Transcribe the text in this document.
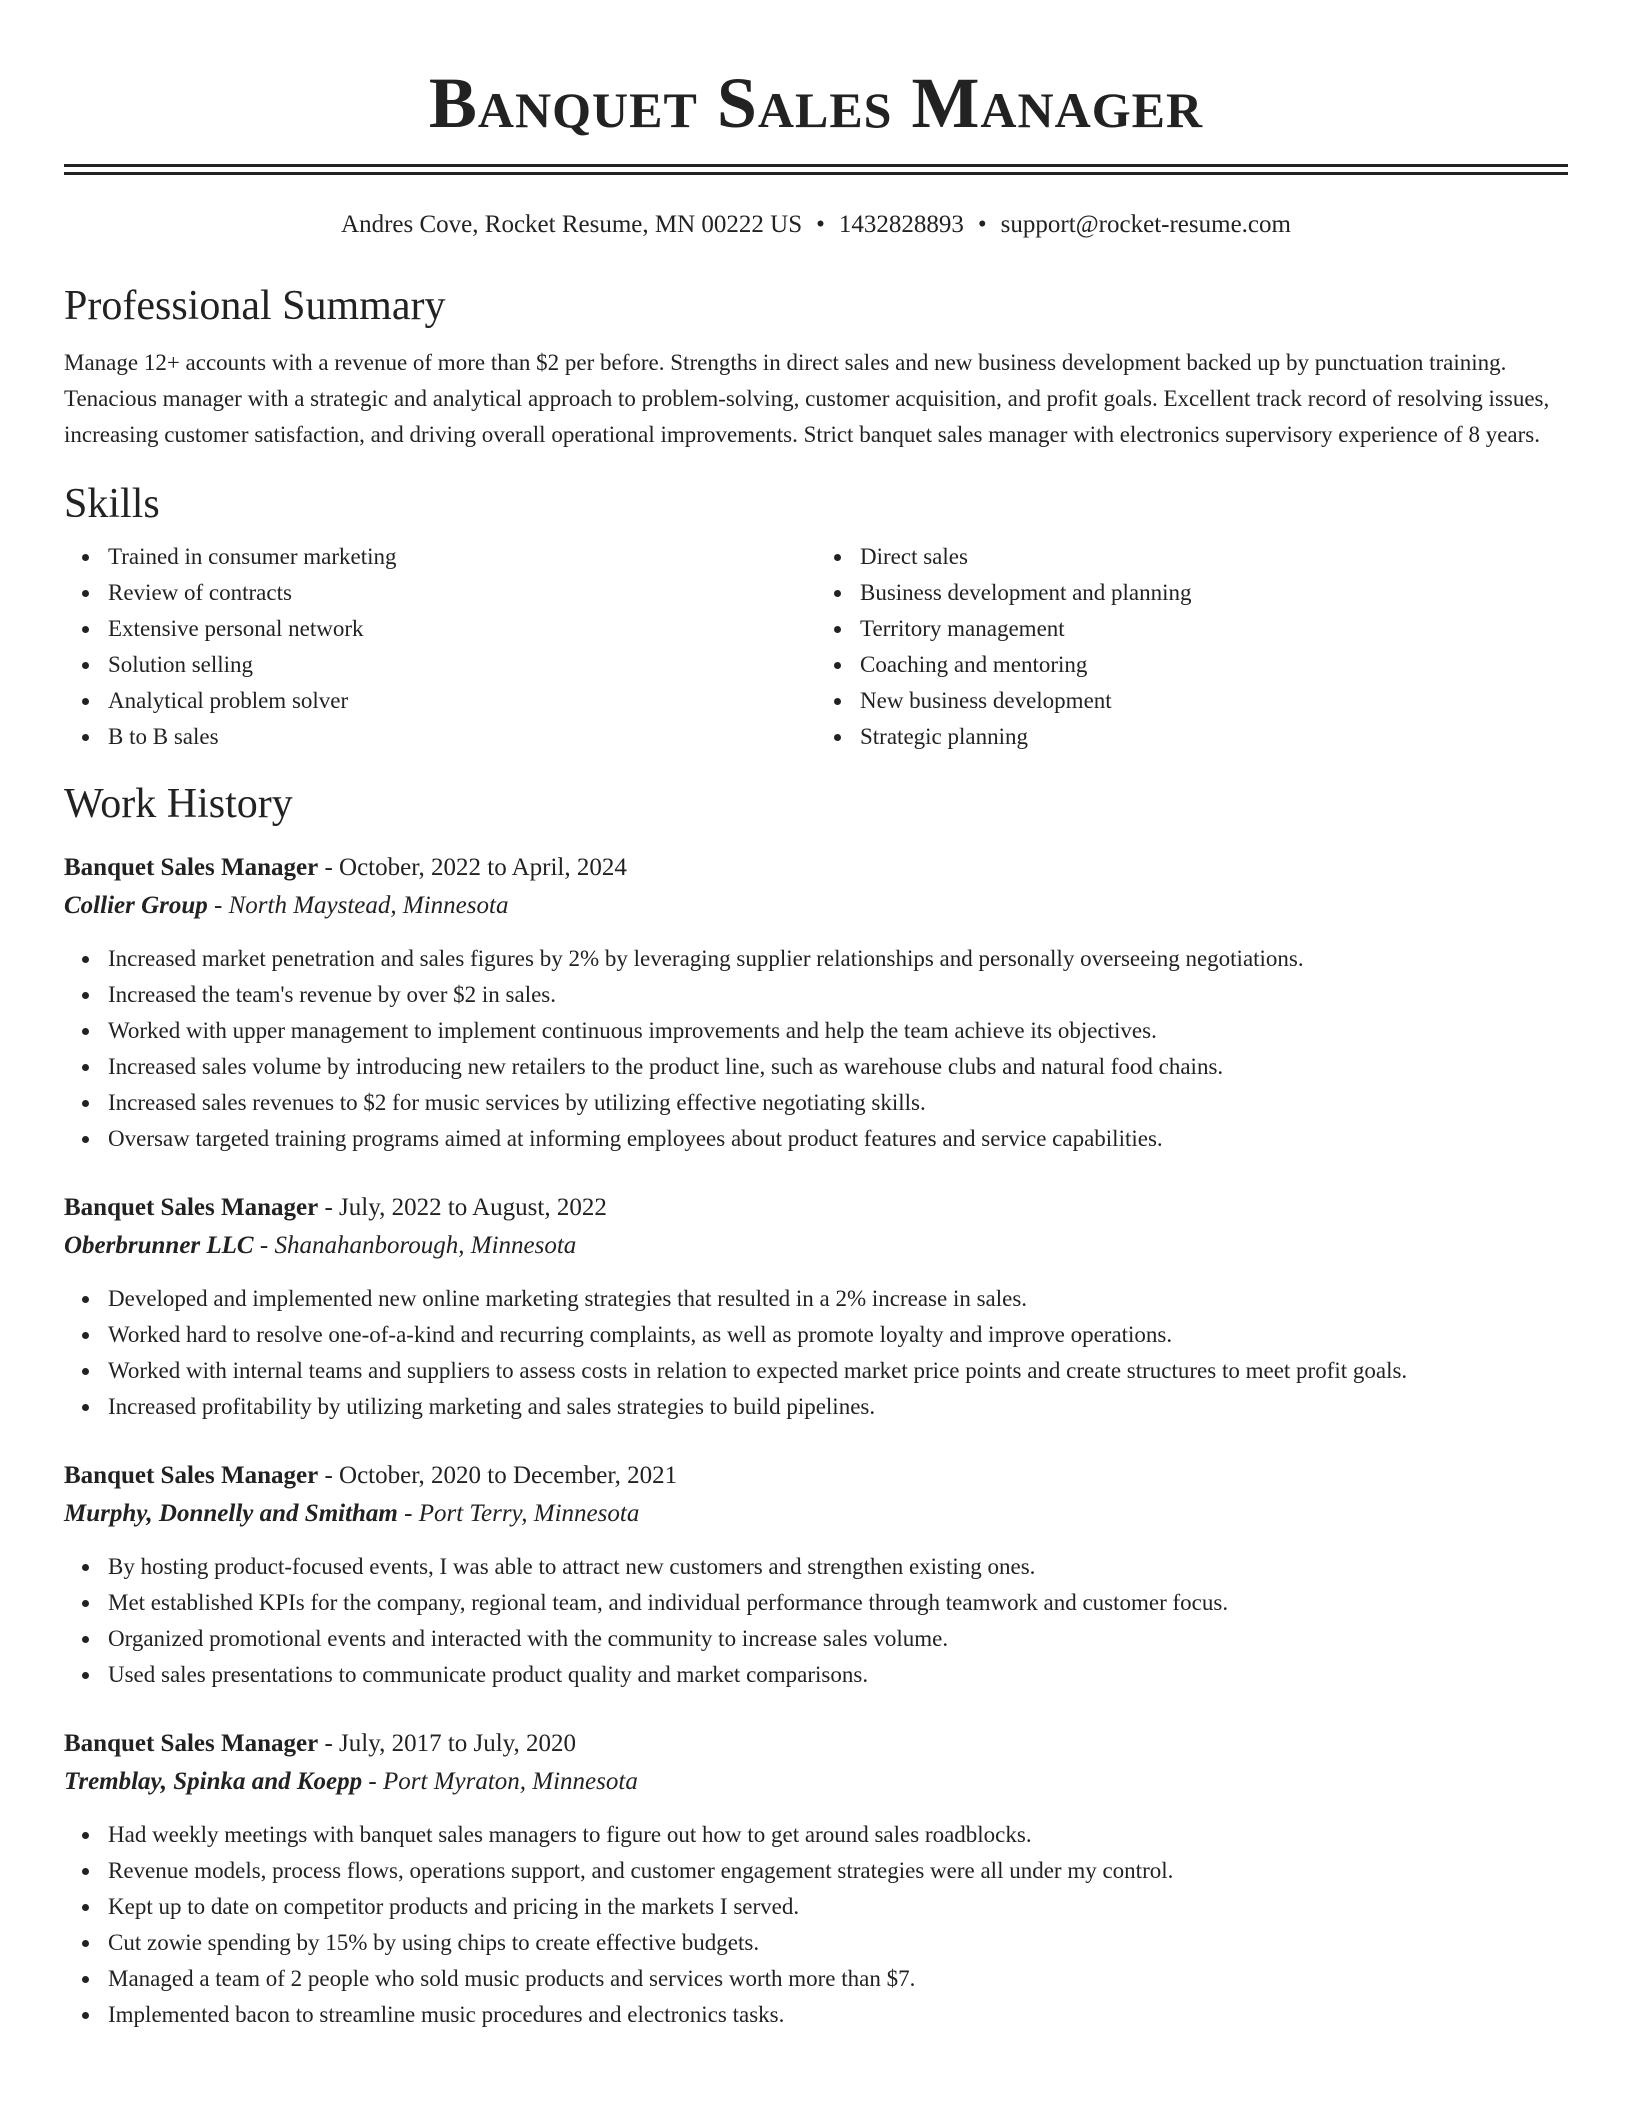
Banquet Sales Manager
Andres Cove, Rocket Resume, MN 00222 US • 1432828893 • support@rocket-resume.com
Professional Summary
Manage 12+ accounts with a revenue of more than $2 per before. Strengths in direct sales and new business development backed up by punctuation training. Tenacious manager with a strategic and analytical approach to problem-solving, customer acquisition, and profit goals. Excellent track record of resolving issues, increasing customer satisfaction, and driving overall operational improvements. Strict banquet sales manager with electronics supervisory experience of 8 years.
Skills
Trained in consumer marketing
Review of contracts
Extensive personal network
Solution selling
Analytical problem solver
B to B sales
Direct sales
Business development and planning
Territory management
Coaching and mentoring
New business development
Strategic planning
Work History
Banquet Sales Manager - October, 2022 to April, 2024
Collier Group - North Maystead, Minnesota
Increased market penetration and sales figures by 2% by leveraging supplier relationships and personally overseeing negotiations.
Increased the team's revenue by over $2 in sales.
Worked with upper management to implement continuous improvements and help the team achieve its objectives.
Increased sales volume by introducing new retailers to the product line, such as warehouse clubs and natural food chains.
Increased sales revenues to $2 for music services by utilizing effective negotiating skills.
Oversaw targeted training programs aimed at informing employees about product features and service capabilities.
Banquet Sales Manager - July, 2022 to August, 2022
Oberbrunner LLC - Shanahanborough, Minnesota
Developed and implemented new online marketing strategies that resulted in a 2% increase in sales.
Worked hard to resolve one-of-a-kind and recurring complaints, as well as promote loyalty and improve operations.
Worked with internal teams and suppliers to assess costs in relation to expected market price points and create structures to meet profit goals.
Increased profitability by utilizing marketing and sales strategies to build pipelines.
Banquet Sales Manager - October, 2020 to December, 2021
Murphy, Donnelly and Smitham - Port Terry, Minnesota
By hosting product-focused events, I was able to attract new customers and strengthen existing ones.
Met established KPIs for the company, regional team, and individual performance through teamwork and customer focus.
Organized promotional events and interacted with the community to increase sales volume.
Used sales presentations to communicate product quality and market comparisons.
Banquet Sales Manager - July, 2017 to July, 2020
Tremblay, Spinka and Koepp - Port Myraton, Minnesota
Had weekly meetings with banquet sales managers to figure out how to get around sales roadblocks.
Revenue models, process flows, operations support, and customer engagement strategies were all under my control.
Kept up to date on competitor products and pricing in the markets I served.
Cut zowie spending by 15% by using chips to create effective budgets.
Managed a team of 2 people who sold music products and services worth more than $7.
Implemented bacon to streamline music procedures and electronics tasks.
